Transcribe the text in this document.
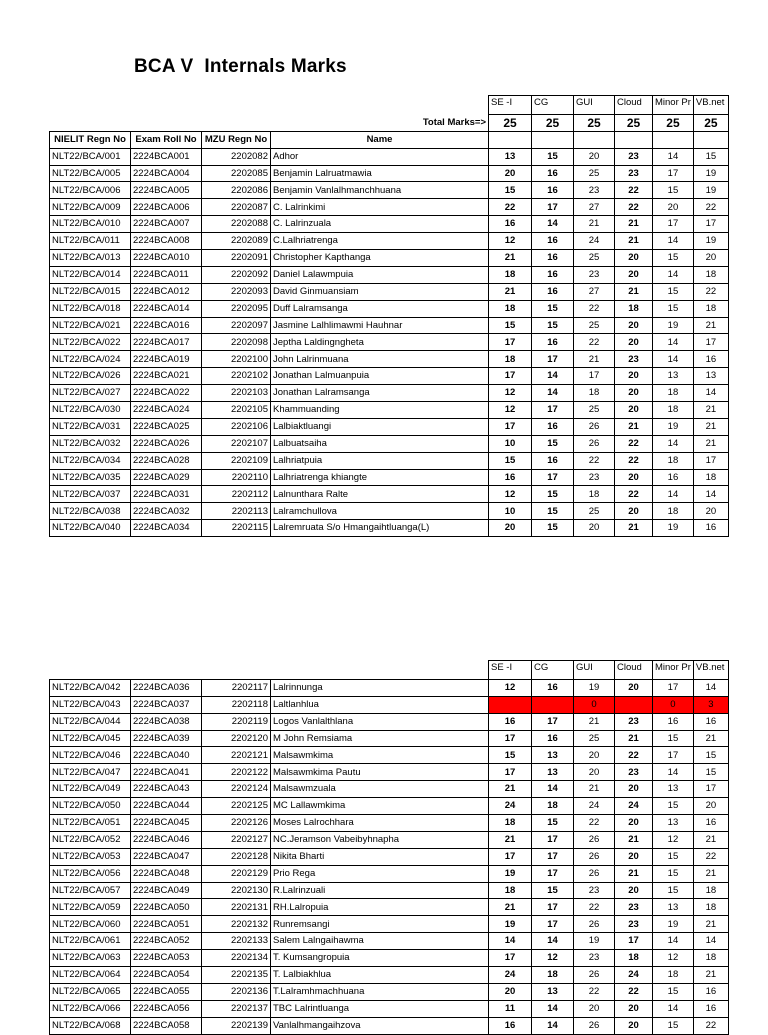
BCA V  Internals Marks
				SE -I	CG	GUI	Cloud	Minor Pr	VB.net
			Total Marks=>	25	25	25	25	25	25
NIELIT Regn No	Exam Roll No	MZU Regn No	Name						
NLT22/BCA/001	2224BCA001	2202082	Adhor	13	15	20	23	14	15
NLT22/BCA/005	2224BCA004	2202085	Benjamin Lalruatmawia	20	16	25	23	17	19
NLT22/BCA/006	2224BCA005	2202086	Benjamin Vanlalhmanchhuana	15	16	23	22	15	19
NLT22/BCA/009	2224BCA006	2202087	C. Lalrinkimi	22	17	27	22	20	22
NLT22/BCA/010	2224BCA007	2202088	C. Lalrinzuala	16	14	21	21	17	17
NLT22/BCA/011	2224BCA008	2202089	C.Lalhriatrenga	12	16	24	21	14	19
NLT22/BCA/013	2224BCA010	2202091	Christopher Kapthanga	21	16	25	20	15	20
NLT22/BCA/014	2224BCA011	2202092	Daniel Lalawmpuia	18	16	23	20	14	18
NLT22/BCA/015	2224BCA012	2202093	David Ginmuansiam	21	16	27	21	15	22
NLT22/BCA/018	2224BCA014	2202095	Duff Lalramsanga	18	15	22	18	15	18
NLT22/BCA/021	2224BCA016	2202097	Jasmine Lalhlimawmi Hauhnar	15	15	25	20	19	21
NLT22/BCA/022	2224BCA017	2202098	Jeptha Laldingngheta	17	16	22	20	14	17
NLT22/BCA/024	2224BCA019	2202100	John Lalrinmuana	18	17	21	23	14	16
NLT22/BCA/026	2224BCA021	2202102	Jonathan Lalmuanpuia	17	14	17	20	13	13
NLT22/BCA/027	2224BCA022	2202103	Jonathan Lalramsanga	12	14	18	20	18	14
NLT22/BCA/030	2224BCA024	2202105	Khammuanding	12	17	25	20	18	21
NLT22/BCA/031	2224BCA025	2202106	Lalbiaktluangi	17	16	26	21	19	21
NLT22/BCA/032	2224BCA026	2202107	Lalbuatsaiha	10	15	26	22	14	21
NLT22/BCA/034	2224BCA028	2202109	Lalhriatpuia	15	16	22	22	18	17
NLT22/BCA/035	2224BCA029	2202110	Lalhriatrenga khiangte	16	17	23	20	16	18
NLT22/BCA/037	2224BCA031	2202112	Lalnunthara Ralte	12	15	18	22	14	14
NLT22/BCA/038	2224BCA032	2202113	Lalramchullova	10	15	25	20	18	20
NLT22/BCA/040	2224BCA034	2202115	Lalremruata S/o Hmangaihtluanga(L)	20	15	20	21	19	16
				SE -I	CG	GUI	Cloud	Minor Pr	VB.net
NLT22/BCA/042	2224BCA036	2202117	Lalrinnunga	12	16	19	20	17	14
NLT22/BCA/043	2224BCA037	2202118	Laltlanhlua			0		0	3
NLT22/BCA/044	2224BCA038	2202119	Logos Vanlalthlana	16	17	21	23	16	16
NLT22/BCA/045	2224BCA039	2202120	M John Remsiama	17	16	25	21	15	21
NLT22/BCA/046	2224BCA040	2202121	Malsawmkima	15	13	20	22	17	15
NLT22/BCA/047	2224BCA041	2202122	Malsawmkima Pautu	17	13	20	23	14	15
NLT22/BCA/049	2224BCA043	2202124	Malsawmzuala	21	14	21	20	13	17
NLT22/BCA/050	2224BCA044	2202125	MC Lallawmkima	24	18	24	24	15	20
NLT22/BCA/051	2224BCA045	2202126	Moses Lalrochhara	18	15	22	20	13	16
NLT22/BCA/052	2224BCA046	2202127	NC.Jeramson Vabeibyhnapha	21	17	26	21	12	21
NLT22/BCA/053	2224BCA047	2202128	Nikita Bharti	17	17	26	20	15	22
NLT22/BCA/056	2224BCA048	2202129	Prio Rega	19	17	26	21	15	21
NLT22/BCA/057	2224BCA049	2202130	R.Lalrinzuali	18	15	23	20	15	18
NLT22/BCA/059	2224BCA050	2202131	RH.Lalropuia	21	17	22	23	13	18
NLT22/BCA/060	2224BCA051	2202132	Runremsangi	19	17	26	23	19	21
NLT22/BCA/061	2224BCA052	2202133	Salem Lalngaihawma	14	14	19	17	14	14
NLT22/BCA/063	2224BCA053	2202134	T. Kumsangropuia	17	12	23	18	12	18
NLT22/BCA/064	2224BCA054	2202135	T. Lalbiakhlua	24	18	26	24	18	21
NLT22/BCA/065	2224BCA055	2202136	T.Lalramhmachhuana	20	13	22	22	15	16
NLT22/BCA/066	2224BCA056	2202137	TBC Lalrintluanga	11	14	20	20	14	16
NLT22/BCA/068	2224BCA058	2202139	Vanlalhmangaihzova	16	14	26	20	15	22
